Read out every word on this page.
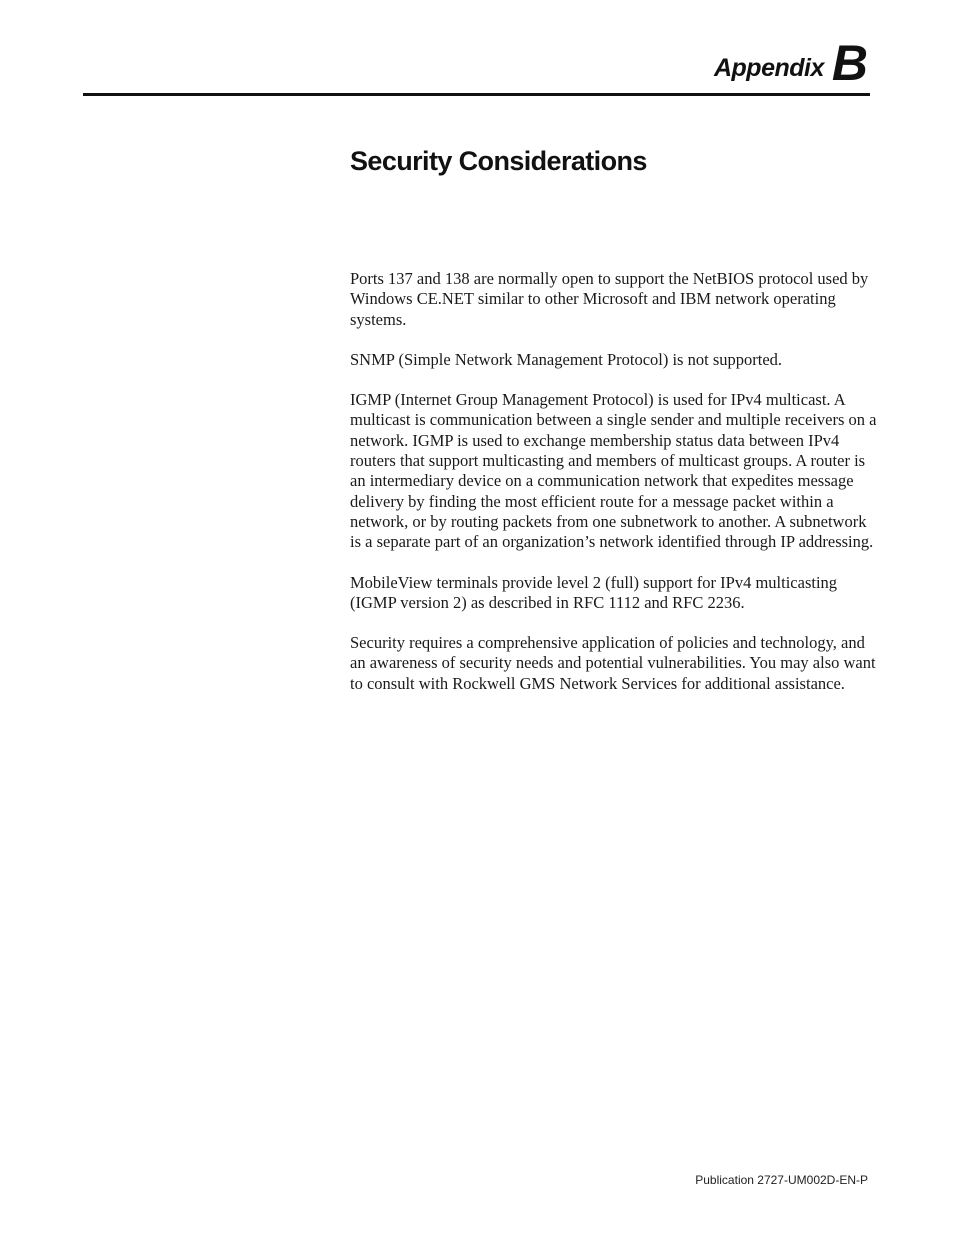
Appendix B
Security Considerations

Ports 137 and 138 are normally open to support the NetBIOS protocol used by Windows CE.NET similar to other Microsoft and IBM network operating systems.

SNMP (Simple Network Management Protocol) is not supported.

IGMP (Internet Group Management Protocol) is used for IPv4 multicast. A multicast is communication between a single sender and multiple receivers on a network. IGMP is used to exchange membership status data between IPv4 routers that support multicasting and members of multicast groups. A router is an intermediary device on a communication network that expedites message delivery by finding the most efficient route for a message packet within a network, or by routing packets from one subnetwork to another. A subnetwork is a separate part of an organization’s network identified through IP addressing.

MobileView terminals provide level 2 (full) support for IPv4 multicasting (IGMP version 2) as described in RFC 1112 and RFC 2236.

Security requires a comprehensive application of policies and technology, and an awareness of security needs and potential vulnerabilities. You may also want to consult with Rockwell GMS Network Services for additional assistance.

Publication 2727-UM002D-EN-P
